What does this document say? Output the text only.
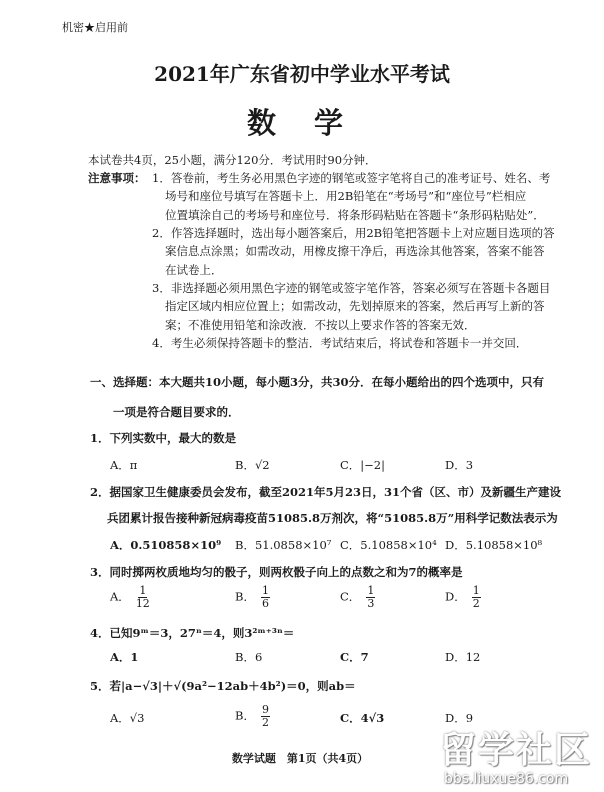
机密★启用前
2021年广东省初中学业水平考试
数 学
本试卷共4页，25小题，满分120分．考试用时90分钟．
注意事项： 1．答卷前，考生务必用黑色字迹的钢笔或签字笔将自己的准考证号、姓名、考
场号和座位号填写在答题卡上．用2B铅笔在“考场号”和“座位号”栏相应
位置填涂自己的考场号和座位号．将条形码粘贴在答题卡“条形码粘贴处”．
2．作答选择题时，选出每小题答案后，用2B铅笔把答题卡上对应题目选项的答
案信息点涂黑；如需改动，用橡皮擦干净后，再选涂其他答案，答案不能答
在试卷上．
3．非选择题必须用黑色字迹的钢笔或签字笔作答，答案必须写在答题卡各题目
指定区域内相应位置上；如需改动，先划掉原来的答案，然后再写上新的答
案；不准使用铅笔和涂改液．不按以上要求作答的答案无效．
4．考生必须保持答题卡的整洁．考试结束后，将试卷和答题卡一并交回．
一、选择题：本大题共10小题，每小题3分，共30分．在每小题给出的四个选项中，只有
一项是符合题目要求的．
1．下列实数中，最大的数是
A．π	B．√2	C．|−2|	D．3
2．据国家卫生健康委员会发布，截至2021年5月23日，31个省（区、市）及新疆生产建设
兵团累计报告接种新冠病毒疫苗51085.8万剂次，将“51085.8万”用科学记数法表示为
A．0.510858×10⁹ B．51.0858×10⁷ C．5.10858×10⁴ D．5.10858×10⁸
3．同时掷两枚质地均匀的骰子，则两枚骰子向上的点数之和为7的概率是
A． $\frac{1}{12}$	B． $\frac{1}{6}$	C． $\frac{1}{3}$	D． $\frac{1}{2}$
4．已知9ᵐ＝3，27ⁿ＝4，则3²ᵐ⁺³ⁿ＝
A．1	B．6	C．7	D．12
5．若|a−√3|＋√(9a²−12ab＋4b²)＝0，则ab＝
A．√3	B． $\frac{9}{2}$	C．4√3	D．9
数学试题　第1页（共4页）	留学社区
bbs.liuxue86.com
